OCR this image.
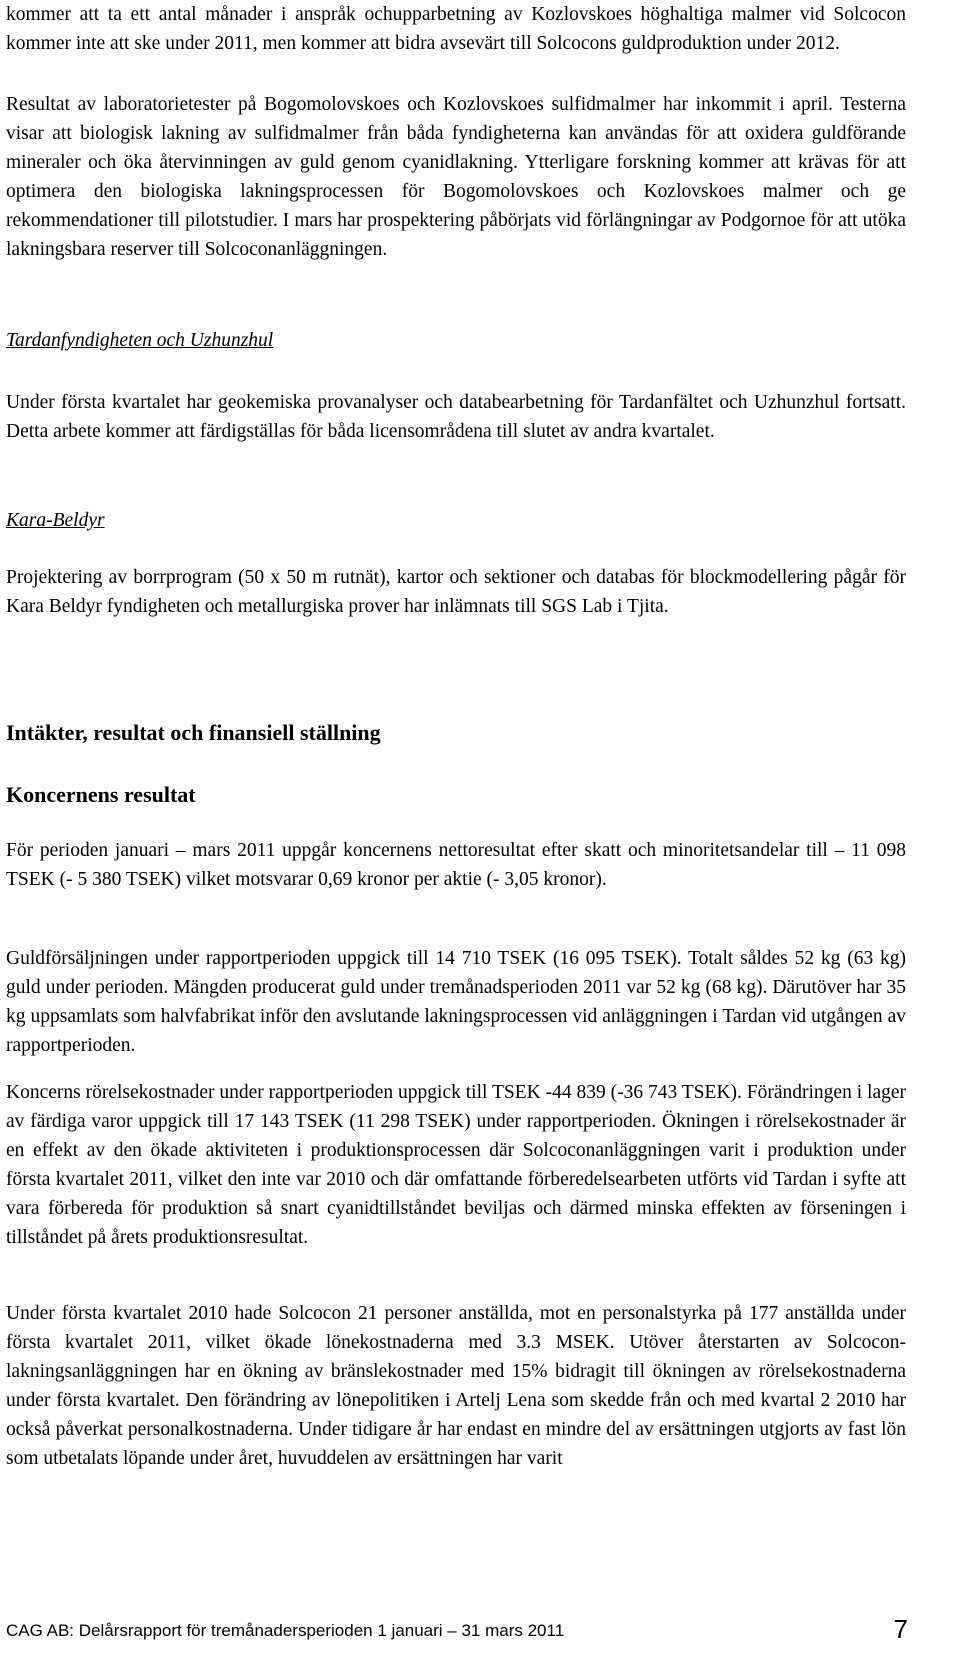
kommer att ta ett antal månader i anspråk ochupparbetning av Kozlovskoes höghaltiga malmer vid Solcocon kommer inte att ske under 2011, men kommer att bidra avsevärt till Solcocons guldproduktion under 2012.

Resultat av laboratorietester på Bogomolovskoes och Kozlovskoes sulfidmalmer har inkommit i april. Testerna visar att biologisk lakning av sulfidmalmer från båda fyndigheterna kan användas för att oxidera guldförande mineraler och öka återvinningen av guld genom cyanidlakning. Ytterligare forskning kommer att krävas för att optimera den biologiska lakningsprocessen för Bogomolovskoes och Kozlovskoes malmer och ge rekommendationer till pilotstudier. I mars har prospektering påbörjats vid förlängningar av Podgornoe för att utöka lakningsbara reserver till Solcoconanläggningen.

Tardanfyndigheten och Uzhunzhul

Under första kvartalet har geokemiska provanalyser och databearbetning för Tardanfältet och Uzhunzhul fortsatt. Detta arbete kommer att färdigställas för båda licensområdena till slutet av andra kvartalet.

Kara-Beldyr

Projektering av borrprogram (50 x 50 m rutnät), kartor och sektioner och databas för blockmodellering pågår för Kara Beldyr fyndigheten och metallurgiska prover har inlämnats till SGS Lab i Tjita.

Intäkter, resultat och finansiell ställning
Koncernens resultat

För perioden januari – mars 2011 uppgår koncernens nettoresultat efter skatt och minoritetsandelar till – 11 098 TSEK (- 5 380 TSEK) vilket motsvarar 0,69 kronor per aktie (- 3,05 kronor).

Guldförsäljningen under rapportperioden uppgick till 14 710 TSEK (16 095 TSEK). Totalt såldes 52 kg (63 kg) guld under perioden. Mängden producerat guld under tremånadsperioden 2011 var 52 kg (68 kg). Därutöver har 35 kg uppsamlats som halvfabrikat inför den avslutande lakningsprocessen vid anläggningen i Tardan vid utgången av rapportperioden.

Koncerns rörelsekostnader under rapportperioden uppgick till TSEK -44 839 (-36 743 TSEK). Förändringen i lager av färdiga varor uppgick till 17 143 TSEK (11 298 TSEK) under rapportperioden. Ökningen i rörelsekostnader är en effekt av den ökade aktiviteten i produktionsprocessen där Solcoconanläggningen varit i produktion under första kvartalet 2011, vilket den inte var 2010 och där omfattande förberedelsearbeten utförts vid Tardan i syfte att vara förbereda för produktion så snart cyanidtillståndet beviljas och därmed minska effekten av förseningen i tillståndet på årets produktionsresultat.

Under första kvartalet 2010 hade Solcocon 21 personer anställda, mot en personalstyrka på 177 anställda under första kvartalet 2011, vilket ökade lönekostnaderna med 3.3 MSEK. Utöver återstarten av Solcocon-lakningsanläggningen har en ökning av bränslekostnader med 15% bidragit till ökningen av rörelsekostnaderna under första kvartalet. Den förändring av lönepolitiken i Artelj Lena som skedde från och med kvartal 2 2010 har också påverkat personalkostnaderna. Under tidigare år har endast en mindre del av ersättningen utgjorts av fast lön som utbetalats löpande under året, huvuddelen av ersättningen har varit

CAG AB: Delårsrapport för tremånadersperioden 1 januari – 31 mars 2011	7
